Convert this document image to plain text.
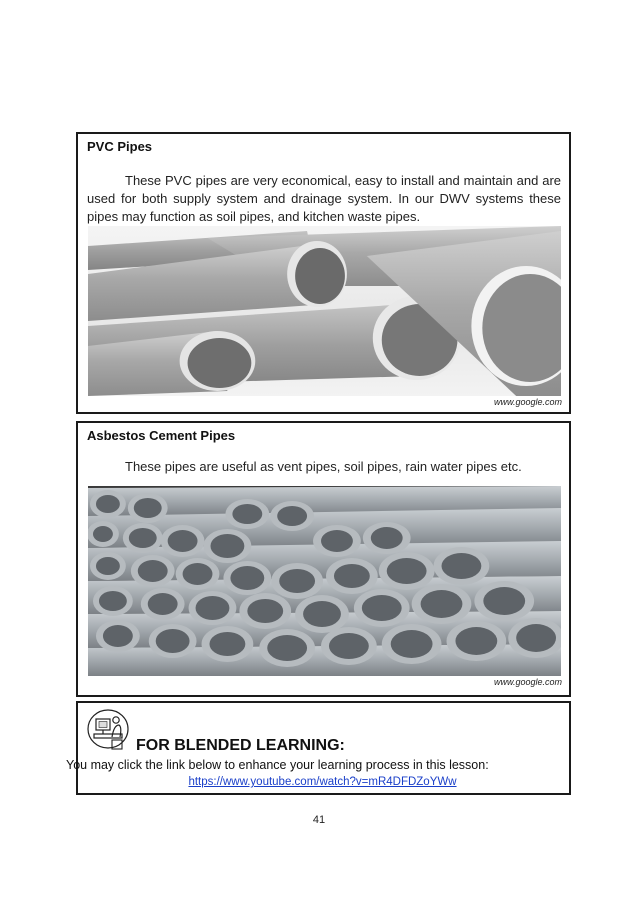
PVC Pipes

These PVC pipes are very economical, easy to install and maintain and are used for both supply system and drainage system. In our DWV systems these pipes may function as soil pipes, and kitchen waste pipes.

www.google.com
Asbestos Cement Pipes

These pipes are useful as vent pipes, soil pipes, rain water pipes etc.

www.google.com
FOR BLENDED LEARNING:
You may click the link below to enhance your learning process in this lesson:
https://www.youtube.com/watch?v=mR4DFDZoYWw
41
